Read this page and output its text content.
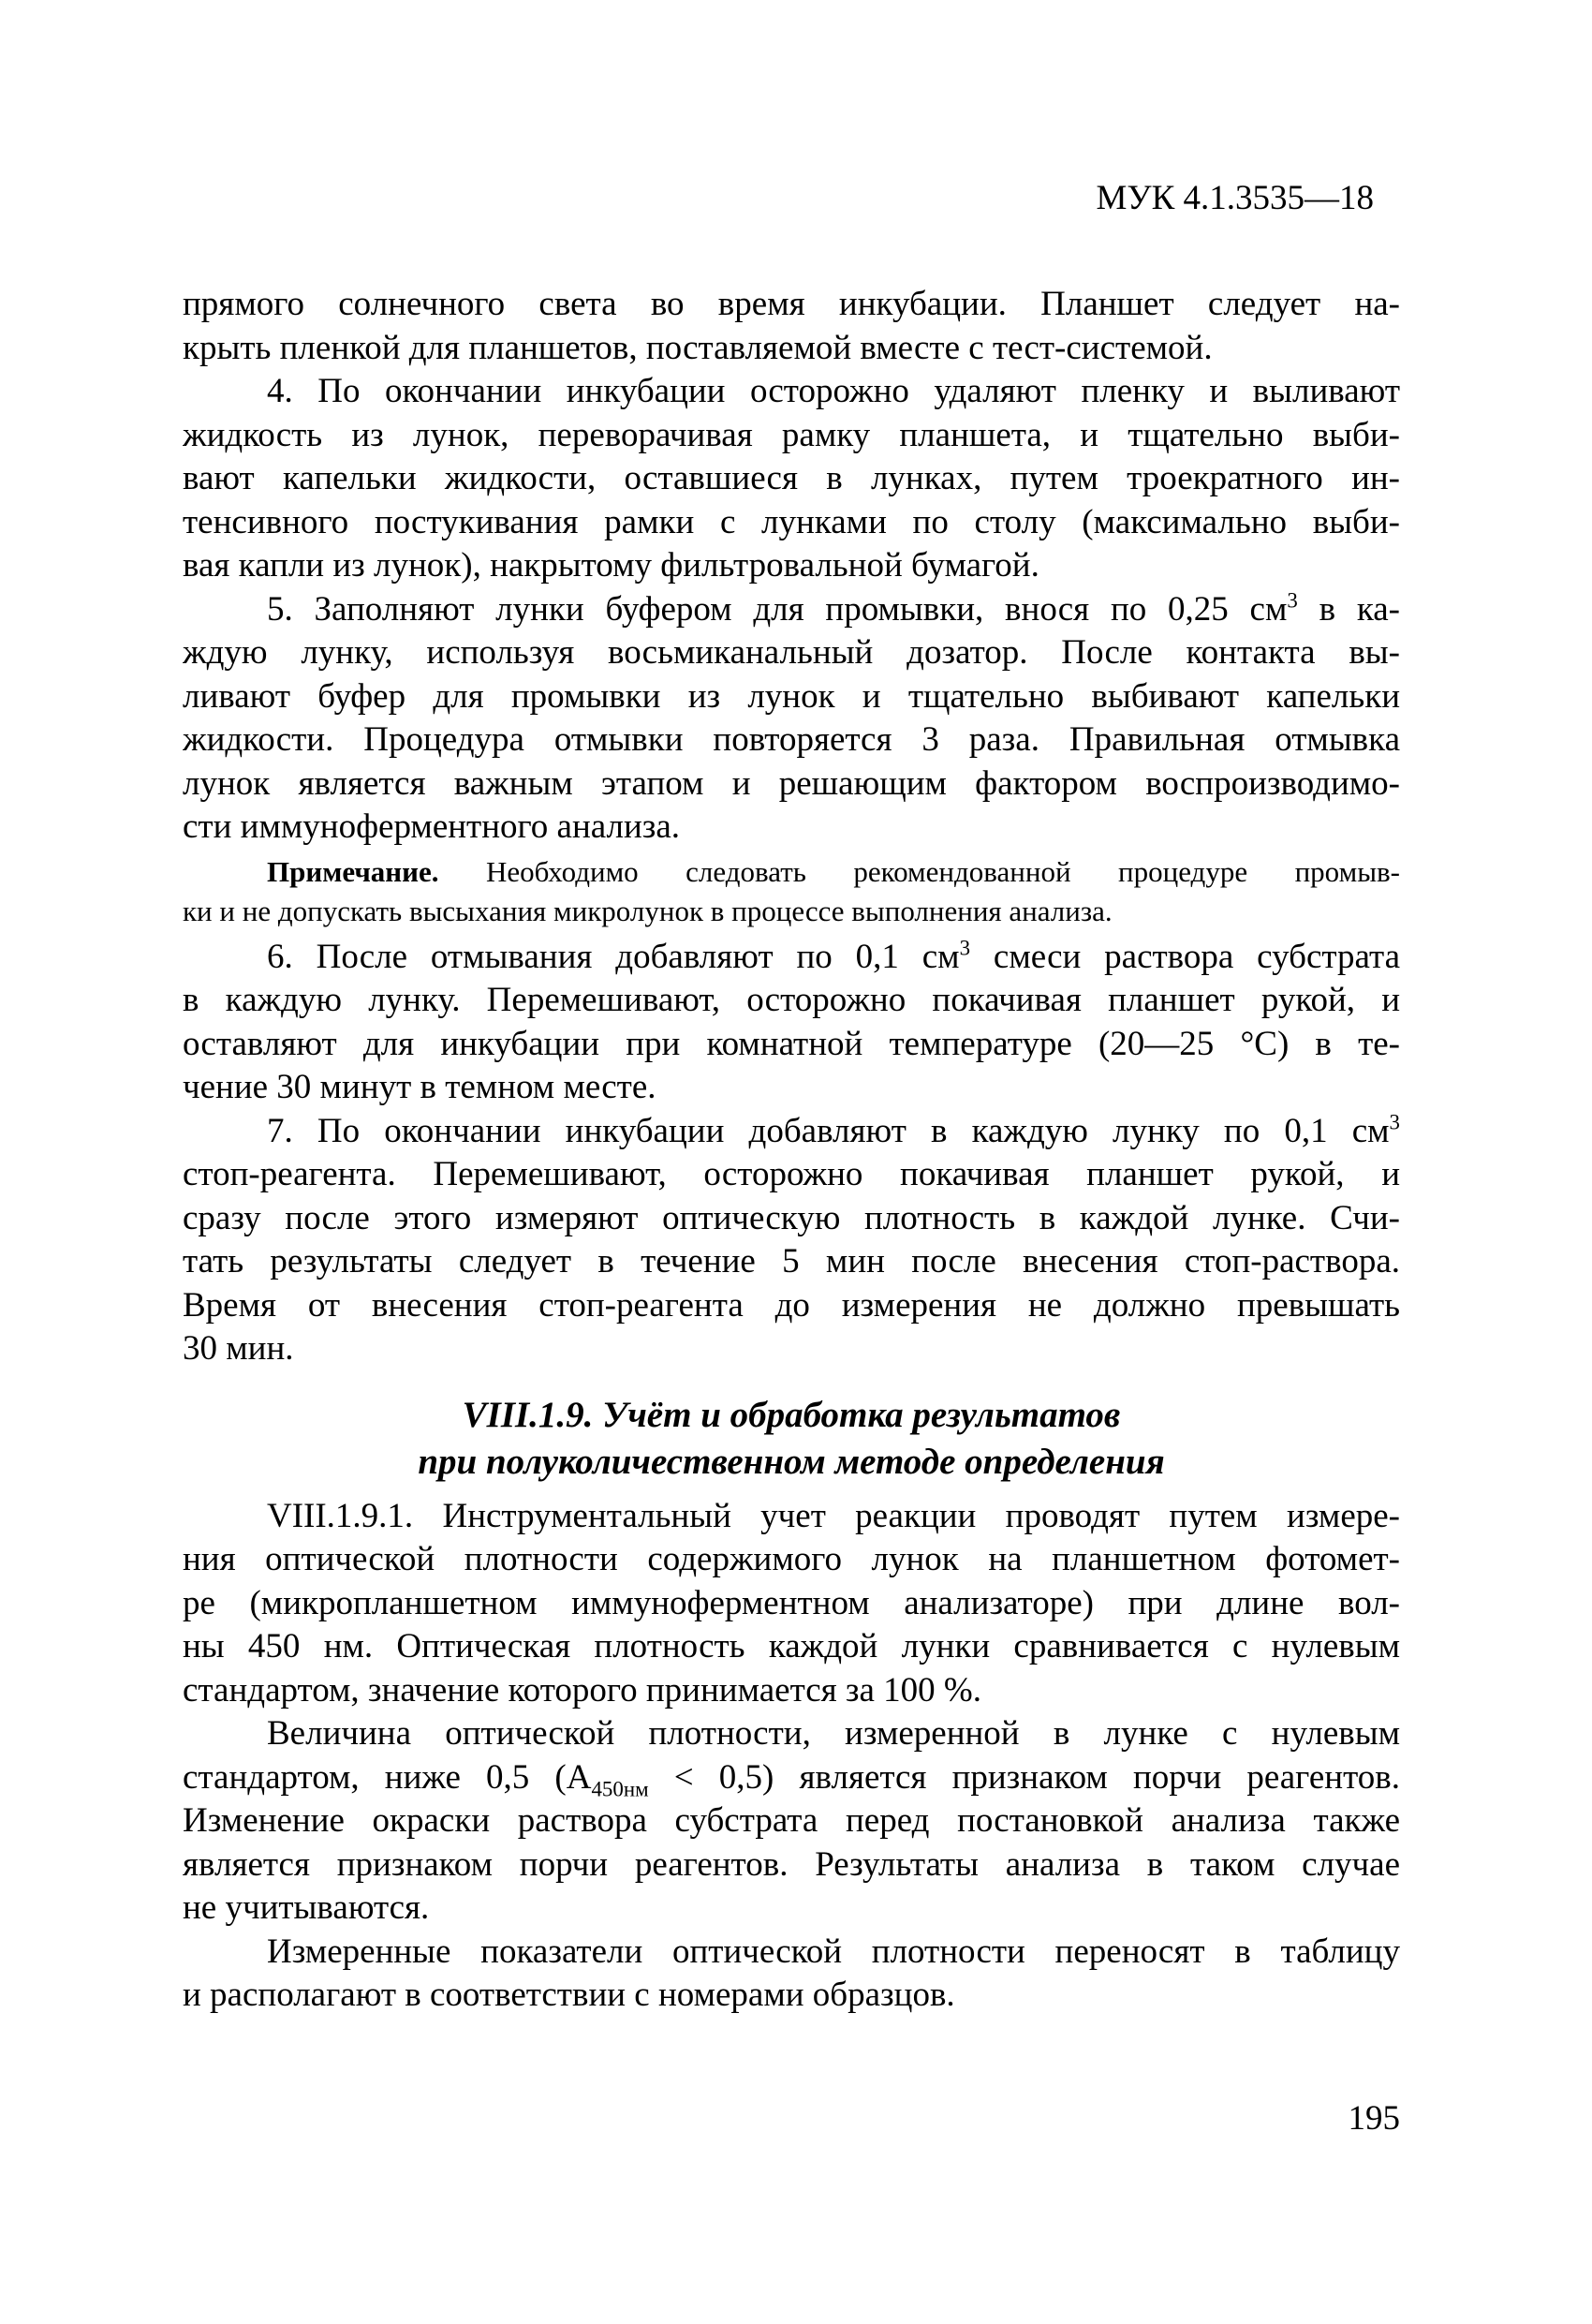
МУК 4.1.3535—18
прямого солнечного света во время инкубации. Планшет следует на-
крыть пленкой для планшетов, поставляемой вместе с тест-системой.
4. По окончании инкубации осторожно удаляют пленку и выливают
жидкость из лунок, переворачивая рамку планшета, и тщательно выби-
вают капельки жидкости, оставшиеся в лунках, путем троекратного ин-
тенсивного постукивания рамки с лунками по столу (максимально выби-
вая капли из лунок), накрытому фильтровальной бумагой.
5. Заполняют лунки буфером для промывки, внося по 0,25 $см^3$ в ка-
ждую лунку, используя восьмиканальный дозатор. После контакта вы-
ливают буфер для промывки из лунок и тщательно выбивают капельки
жидкости. Процедура отмывки повторяется 3 раза. Правильная отмывка
лунок является важным этапом и решающим фактором воспроизводимо-
сти иммуноферментного анализа.
Примечание. Необходимо следовать рекомендованной процедуре промыв-
ки и не допускать высыхания микролунок в процессе выполнения анализа.
6. После отмывания добавляют по 0,1 $см^3$ смеси раствора субстрата
в каждую лунку. Перемешивают, осторожно покачивая планшет рукой, и
оставляют для инкубации при комнатной температуре (20—25 °С) в те-
чение 30 минут в темном месте.
7. По окончании инкубации добавляют в каждую лунку по 0,1 $см^3$
стоп-реагента. Перемешивают, осторожно покачивая планшет рукой, и
сразу после этого измеряют оптическую плотность в каждой лунке. Счи-
тать результаты следует в течение 5 мин после внесения стоп-раствора.
Время от внесения стоп-реагента до измерения не должно превышать
30 мин.
VIII.1.9. Учёт и обработка результатов
при полуколичественном методе определения
VIII.1.9.1. Инструментальный учет реакции проводят путем измере-
ния оптической плотности содержимого лунок на планшетном фотомет-
ре (микропланшетном иммуноферментном анализаторе) при длине вол-
ны 450 нм. Оптическая плотность каждой лунки сравнивается с нулевым
стандартом, значение которого принимается за 100 %.
Величина оптической плотности, измеренной в лунке с нулевым
стандартом, ниже 0,5 $(А_{450нм} < 0,5)$ является признаком порчи реагентов.
Изменение окраски раствора субстрата перед постановкой анализа также
является признаком порчи реагентов. Результаты анализа в таком случае
не учитываются.
Измеренные показатели оптической плотности переносят в таблицу
и располагают в соответствии с номерами образцов.
195
